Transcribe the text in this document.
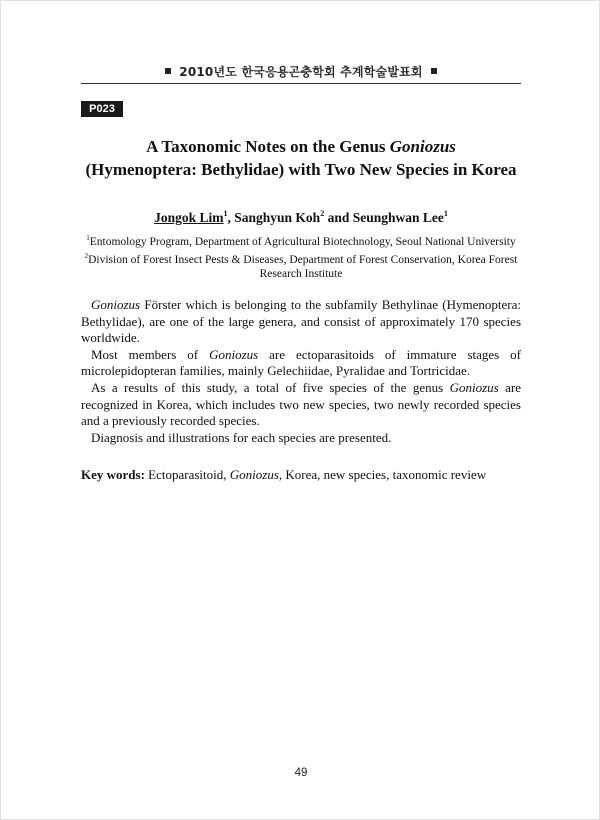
2010년도 한국응용곤충학회 추계학술발표회
P023
A Taxonomic Notes on the Genus Goniozus
(Hymenoptera: Bethylidae) with Two New Species in Korea
Jongok Lim$^1$, Sanghyun Koh$^2$ and Seunghwan Lee$^1$
$^1$Entomology Program, Department of Agricultural Biotechnology, Seoul National University
$^2$Division of Forest Insect Pests & Diseases, Department of Forest Conservation, Korea Forest Research Institute

Goniozus Förster which is belonging to the subfamily Bethylinae (Hymenoptera: Bethylidae), are one of the large genera, and consist of approximately 170 species worldwide.

Most members of Goniozus are ectoparasitoids of immature stages of microlepidopteran families, mainly Gelechiidae, Pyralidae and Tortricidae.

As a results of this study, a total of five species of the genus Goniozus are recognized in Korea, which includes two new species, two newly recorded species and a previously recorded species.

Diagnosis and illustrations for each species are presented.

Key words: Ectoparasitoid, Goniozus, Korea, new species, taxonomic review
49
